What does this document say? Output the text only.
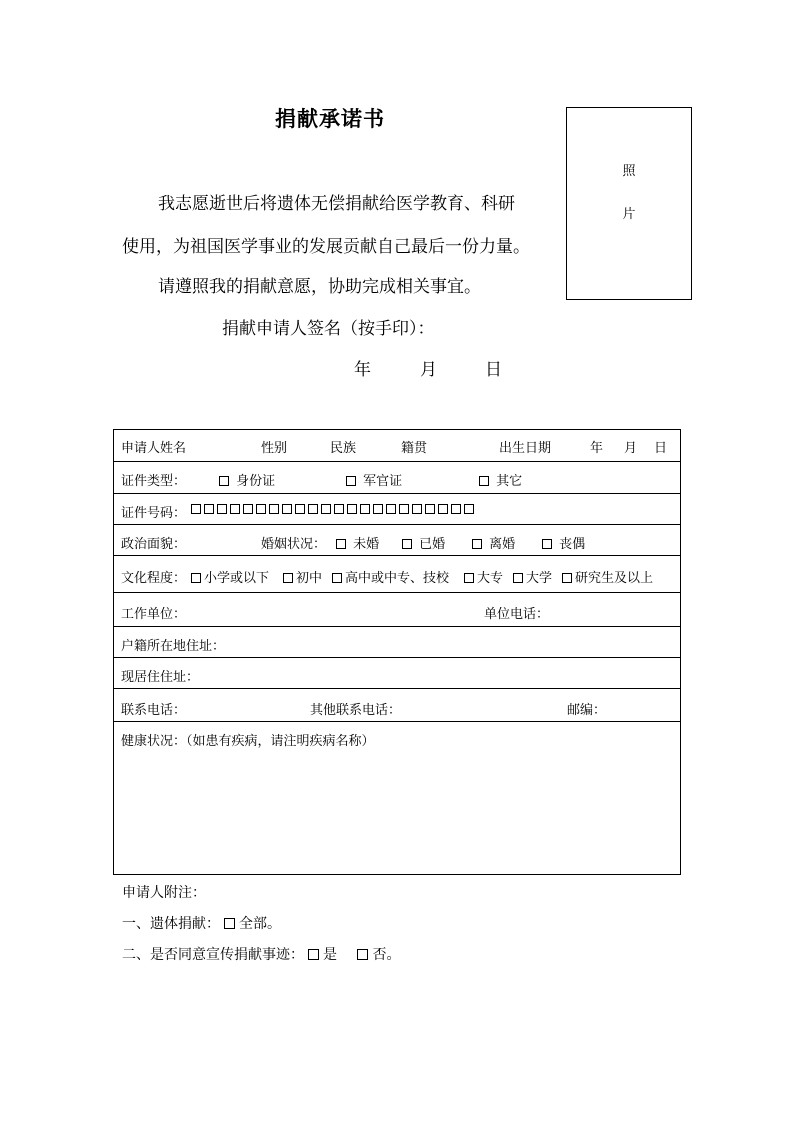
捐献承诺书
照
片
我志愿逝世后将遗体无偿捐献给医学教育、科研
使用，为祖国医学事业的发展贡献自己最后一份力量。
请遵照我的捐献意愿，协助完成相关事宜。
捐献申请人签名（按手印）：
年	月	日
申请人姓名	性别	民族	籍贯	出生日期	年 月 日
证件类型：	身份证	军官证	其它
证件号码：
政治面貌：	婚姻状况：	未婚	已婚	离婚	丧偶
文化程度：	小学或以下	初中	高中或中专、技校	大专	大学	研究生及以上
工作单位：	单位电话：
户籍所在地住址：
现居住住址：
联系电话：	其他联系电话：	邮编：
健康状况：（如患有疾病，请注明疾病名称）
申请人附注：
一、遗体捐献： 全部。
二、是否同意宣传捐献事迹： 是	否。
